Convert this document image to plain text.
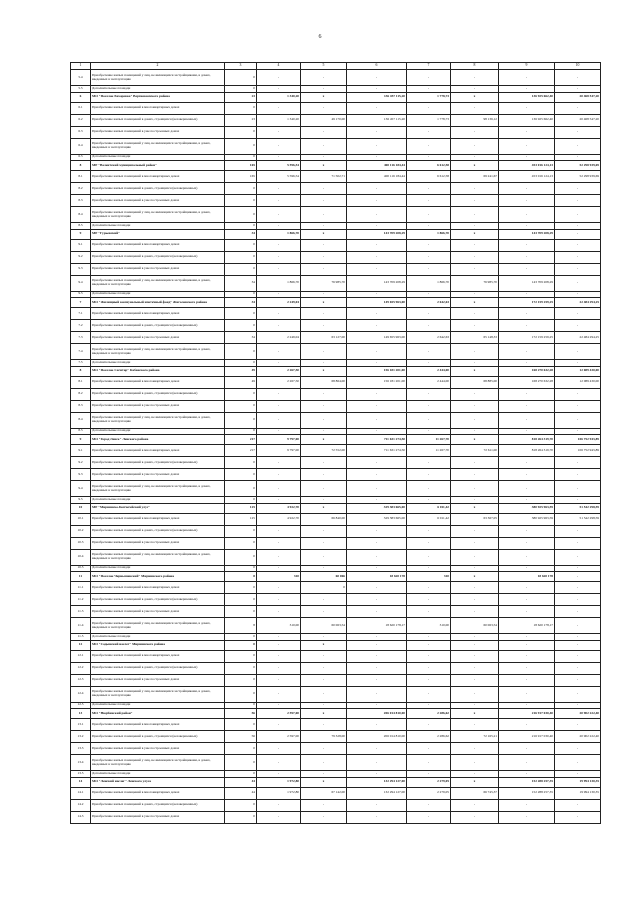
6
1	2	3	4	5	6	7	8	9	10
5.4	Приобретение жилых помещений у лиц, не являющихся застройщиками, в домах, введенных в эксплуатацию	0	-	-	-	-	-	-	-
5.5	Дополнительные площади	0	-	-	-	-	-	-	-
6	МО "Поселок Бахаревка" Верхнекамского района	23	1 340,20	x	136 457 115,20	1 778,73	x	136 925 662,40	20 468 547,20
6.1	Приобретение жилых помещений в многоквартирных домах	0	-	-	-	-	-	-	-
6.2	Приобретение жилых помещений в домах, строящихся (незавершенных)	23	1 340,20	49 170,00	136 457 115,20	1 778,73	98 136,12	136 925 662,40	20 468 547,20
6.3	Приобретение жилых помещений в уже построенных домах	0	-	-	-	-	-	-	-
6.4	Приобретение жилых помещений у лиц, не являющихся застройщиками, в домах, введенных в эксплуатацию	0	-	-	-	-	-	-	-
6.5	Дополнительные площади	0	-	-	-	-	-	-	-
8	МР "Валентский муниципальный район"	165	5 596,54	x	400 116 184,44	6 612,58	x	453 016 124,13	52 298 939,69
8.1	Приобретение жилых помещений в многоквартирных домах	165	5 596,54	71 502,71	400 116 184,44	6 612,58	69 241,67	453 016 124,13	52 298 939,69
8.2	Приобретение жилых помещений в домах, строящихся (незавершенных)	0	-	-	-	-	-	-	-
8.3	Приобретение жилых помещений в уже построенных домах	0	-	-	-	-	-	-	-
8.4	Приобретение жилых помещений у лиц, не являющихся застройщиками, в домах, введенных в эксплуатацию	0	-	-	-	-	-	-	-
8.5	Дополнительные площади	0	-	-	-	-	-	-	-
9	МР "Гурьевский"	34	1 866,70	x	143 709 208,29	1 866,70	x	143 709 208,29	-
9.1	Приобретение жилых помещений в многоквартирных домах	0	-	-	-	-	-	-	-
9.2	Приобретение жилых помещений в домах, строящихся (незавершенных)	0	-	-	-	-	-	-	-
9.3	Приобретение жилых помещений в уже построенных домах	0	-	-	-	-	-	-	-
9.4	Приобретение жилых помещений у лиц, не являющихся застройщиками, в домах, введенных в эксплуатацию	34	1 866,70	76 985,70	143 709 208,29	1 866,70	76 985,70	143 709 208,29	-
9.5	Дополнительные площади	0	-	-	-	-	-	-	-
7	МО "Жилищный коммунальный ипотечный фонд" Жигаловского района	34	2 249,04	x	149 655 963,00	2 642,63	x	172 159 259,25	22 484 294,25
7.1	Приобретение жилых помещений в многоквартирных домах	0	-	-	-	-	-	-	-
7.2	Приобретение жилых помещений в домах, строящихся (незавершенных)	0	-	-	-	-	-	-	-
7.3	Приобретение жилых помещений в уже построенных домах	34	2 249,04	63 127,00	149 655 963,00	2 642,63	65 148,33	172 159 259,25	22 484 294,25
7.4	Приобретение жилых помещений у лиц, не являющихся застройщиками, в домах, введенных в эксплуатацию	0	-	-	-	-	-	-	-
7.5	Дополнительные площади	0	-	-	-	-	-	-	-
8	МО "Поселок Сагитар" Кабанского района	49	2 267,50	x	156 181 201,00	2 444,00	x	168 270 632,28	12 089 430,00
8.1	Приобретение жилых помещений в многоквартирных домах	49	2 267,50	68 864,00	156 181 201,00	2 444,00	68 885,00	168 270 632,28	12 089 430,00
8.2	Приобретение жилых помещений в домах, строящихся (незавершенных)	0	-	-	-	-	-	-	-
8.3	Приобретение жилых помещений в уже построенных домах	0	-	-	-	-	-	-	-
8.4	Приобретение жилых помещений у лиц, не являющихся застройщиками, в домах, введенных в эксплуатацию	0	-	-	-	-	-	-	-
8.5	Дополнительные площади	0	-	-	-	-	-	-	-
9	МО "Город Ленск" Ленского района	217	9 797,00	x	711 631 274,50	11 267,70	x	818 264 319,70	106 752 943,89
9.1	Приобретение жилых помещений в многоквартирных домах	217	9 797,00	72 552,00	711 631 274,50	11 267,70	72 611,00	818 264 319,70	106 752 943,89
9.2	Приобретение жилых помещений в домах, строящихся (незавершенных)	0	-	-	-	-	-	-	-
9.3	Приобретение жилых помещений в уже построенных домах	0	-	-	-	-	-	-	-
9.4	Приобретение жилых помещений у лиц, не являющихся застройщиками, в домах, введенных в эксплуатацию	0	-	-	-	-	-	-	-
9.5	Дополнительные площади	0	-	-	-	-	-	-	-
10	МР "Мирнинско-Копчегейский улус"	125	4 922,70	x	329 383 665,00	6 011,42	x	380 925 963,59	51 542 298,59
10.1	Приобретение жилых помещений в многоквартирных домах	125	4 922,70	66 840,00	329 383 665,00	6 011,42	63 367,05	380 925 963,59	51 542 298,59
10.2	Приобретение жилых помещений в домах, строящихся (незавершенных)	0	-	-	-	-	-	-	-
10.3	Приобретение жилых помещений в уже построенных домах	0	-	-	-	-	-	-	-
10.4	Приобретение жилых помещений у лиц, не являющихся застройщиками, в домах, введенных в эксплуатацию	0	-	-	-	-	-	-	-
10.5	Дополнительные площади	0	-	-	-	-	-	-	-
11	МО "Поселок Чернышевский" Мирнинского района	8	310	60 066	18 620 178	310	x	18 620 178	-
11.1	Приобретение жилых помещений в многоквартирных домах	0	-	0	-	-	-	-	-
11.2	Приобретение жилых помещений в домах, строящихся (незавершенных)	0	-	-	-	-	-	-	-
11.3	Приобретение жилых помещений в уже построенных домах	0	-	-	-	-	-	-	-
11.4	Приобретение жилых помещений у лиц, не являющихся застройщиками, в домах, введенных в эксплуатацию	8	310,00	60 063,54	18 620 178,17	310,00	60 063,54	18 620 178,17	-
11.5	Дополнительные площади	0	-	-	-	-	-	-	-
12	МО "Садынский наслег" Мирнинского района	0	-	x	-	-	-	-	-
12.1	Приобретение жилых помещений в многоквартирных домах	0	-	-	-	-	-	-	-
12.2	Приобретение жилых помещений в домах, строящихся (незавершенных)	0	-	-	-	-	-	-	-
12.3	Приобретение жилых помещений в уже построенных домах	0	-	-	-	-	-	-	-
12.4	Приобретение жилых помещений у лиц, не являющихся застройщиками, в домах, введенных в эксплуатацию	0	-	-	-	-	-	-	-
12.5	Дополнительные площади	0	-	-	-	-	-	-	-
13	МО "Нюрбинский район"	56	2 597,00	x	206 014 810,00	2 286,62	x	216 917 030,40	20 902 222,40
13.1	Приобретение жилых помещений в многоквартирных домах	0	-	-	-	-	-	-	-
13.2	Приобретение жилых помещений в домах, строящихся (незавершенных)	56	2 597,00	79 328,00	206 014 810,00	2 286,62	72 165,21	216 917 030,40	20 902 222,40
13.3	Приобретение жилых помещений в уже построенных домах	0	-	-	-	-	-	-	-
13.4	Приобретение жилых помещений у лиц, не являющихся застройщиками, в домах, введенных в эксплуатацию	0	-	-	-	-	-	-	-
13.5	Дополнительные площади	0	-	-	-	-	-	-	-
14	МО "Ленский наслег" Ленского улуса	44	1 972,80	x	132 294 127,00	2 279,05	x	152 288 257,35	19 994 130,35
14.1	Приобретение жилых помещений в многоквартирных домах	44	1 972,80	67 142,00	132 294 127,00	2 279,05	66 745,37	152 288 257,35	19 994 130,35
14.2	Приобретение жилых помещений в домах, строящихся (незавершенных)	0	-	-	-	-	-	-	-
14.3	Приобретение жилых помещений в уже построенных домах	0	-	-	-	-	-	-	-
